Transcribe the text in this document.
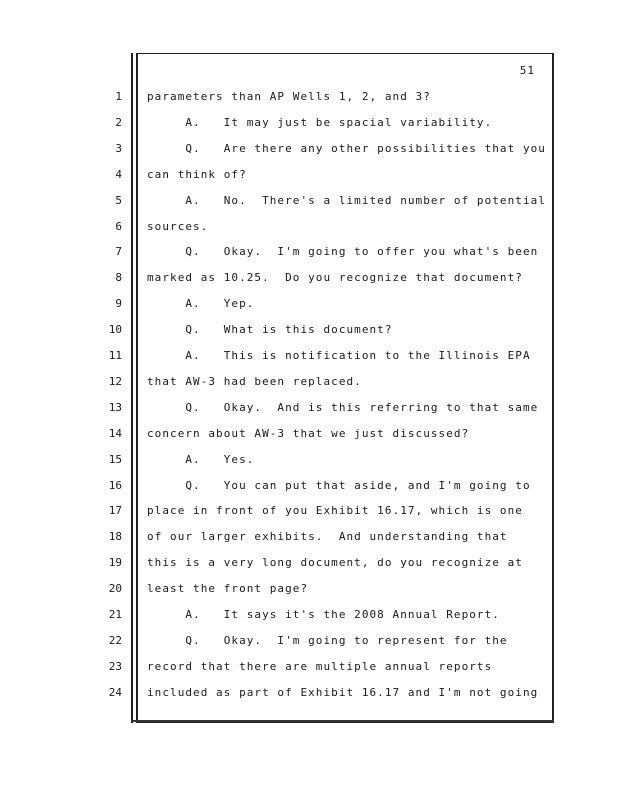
51
1 parameters than AP Wells 1, 2, and 3?
2 A.   It may just be spacial variability.
3 Q.   Are there any other possibilities that you
4 can think of?
5 A.   No.  There's a limited number of potential
6 sources.
7 Q.   Okay.  I'm going to offer you what's been
8 marked as 10.25.  Do you recognize that document?
9 A.   Yep.
10 Q.   What is this document?
11 A.   This is notification to the Illinois EPA
12 that AW-3 had been replaced.
13 Q.   Okay.  And is this referring to that same
14 concern about AW-3 that we just discussed?
15 A.   Yes.
16 Q.   You can put that aside, and I'm going to
17 place in front of you Exhibit 16.17, which is one
18 of our larger exhibits.  And understanding that
19 this is a very long document, do you recognize at
20 least the front page?
21 A.   It says it's the 2008 Annual Report.
22 Q.   Okay.  I'm going to represent for the
23 record that there are multiple annual reports
24 included as part of Exhibit 16.17 and I'm not going
